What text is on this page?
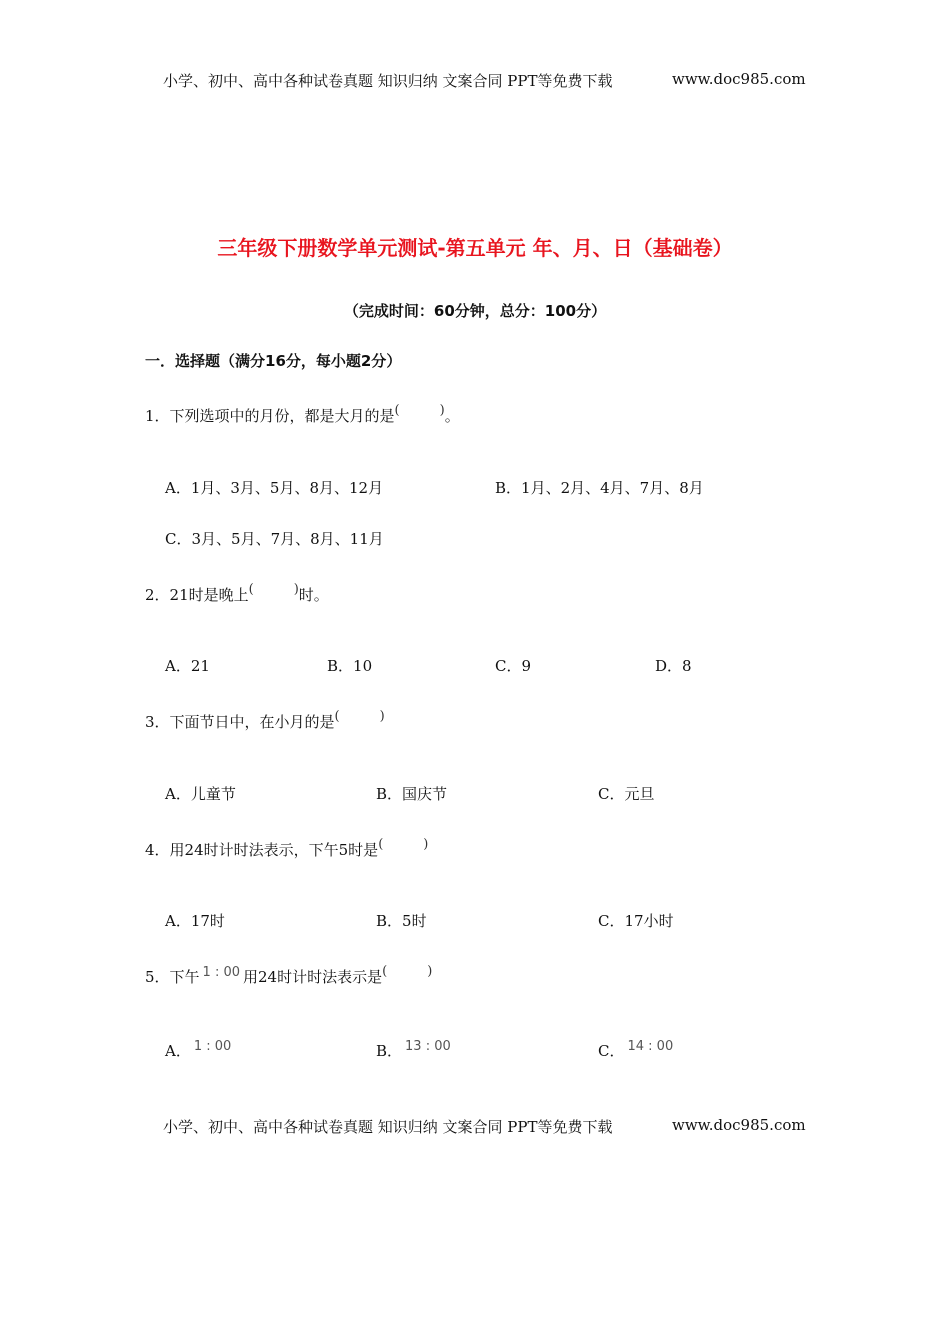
小学、初中、高中各种试卷真题 知识归纳 文案合同 PPT等免费下载	www.doc985.com
三年级下册数学单元测试-第五单元 年、月、日（基础卷）
（完成时间：60分钟，总分：100分）
一．选择题（满分16分，每小题2分）
1．下列选项中的月份，都是大月的是(	)。
A．1月、3月、5月、8月、12月	B．1月、2月、4月、7月、8月
C．3月、5月、7月、8月、11月
2．21时是晚上(	)时。
A．21	B．10	C．9	D．8
3．下面节日中，在小月的是(	)
A．儿童节	B．国庆节	C．元旦
4．用24时计时法表示，下午5时是(	)
A．17时	B．5时	C．17小时
5．下午 1 : 00 用24时计时法表示是(	)
A． 1 : 00	B． 13 : 00	C． 14 : 00
小学、初中、高中各种试卷真题 知识归纳 文案合同 PPT等免费下载	www.doc985.com
